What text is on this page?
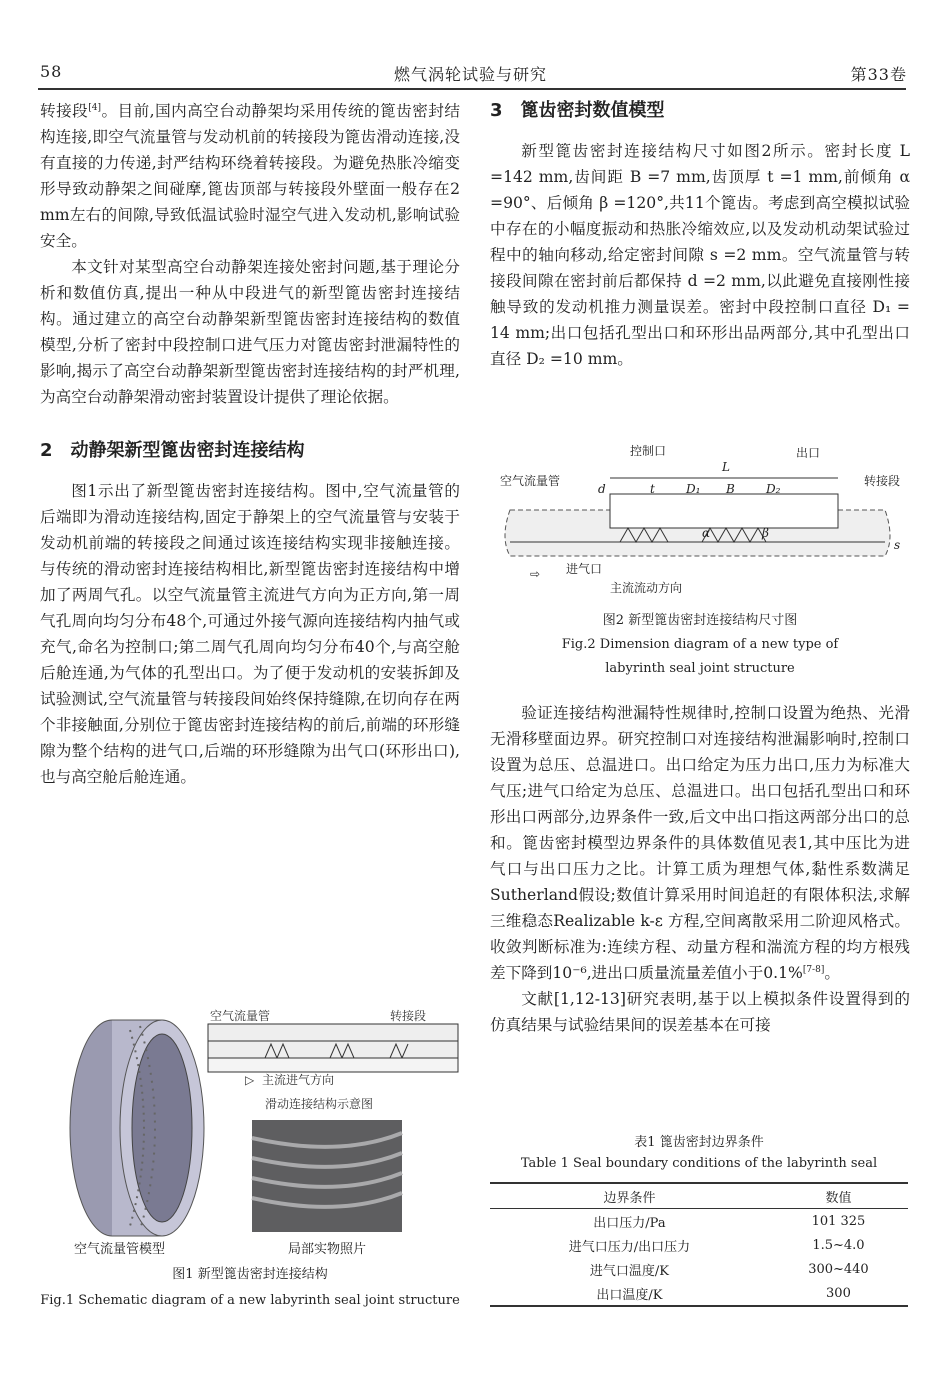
58	燃气涡轮试验与研究	第33卷

转接段[4]。目前,国内高空台动静架均采用传统的篦齿密封结构连接,即空气流量管与发动机前的转接段为篦齿滑动连接,没有直接的力传递,封严结构环绕着转接段。为避免热胀冷缩变形导致动静架之间碰摩,篦齿顶部与转接段外壁面一般存在2 mm左右的间隙,导致低温试验时湿空气进入发动机,影响试验安全。

本文针对某型高空台动静架连接处密封问题,基于理论分析和数值仿真,提出一种从中段进气的新型篦齿密封连接结构。通过建立的高空台动静架新型篦齿密封连接结构的数值模型,分析了密封中段控制口进气压力对篦齿密封泄漏特性的影响,揭示了高空台动静架新型篦齿密封连接结构的封严机理,为高空台动静架滑动密封装置设计提供了理论依据。

2　动静架新型篦齿密封连接结构

图1示出了新型篦齿密封连接结构。图中,空气流量管的后端即为滑动连接结构,固定于静架上的空气流量管与安装于发动机前端的转接段之间通过该连接结构实现非接触连接。与传统的滑动密封连接结构相比,新型篦齿密封连接结构中增加了两周气孔。以空气流量管主流进气方向为正方向,第一周气孔周向均匀分布48个,可通过外接气源向连接结构内抽气或充气,命名为控制口;第二周气孔周向均匀分布40个,与高空舱后舱连通,为气体的孔型出口。为了便于发动机的安装拆卸及试验测试,空气流量管与转接段间始终保持缝隙,在切向存在两个非接触面,分别位于篦齿密封连接结构的前后,前端的环形缝隙为整个结构的进气口,后端的环形缝隙为出气口(环形出口),也与高空舱后舱连通。

▷
空气流量管	转接段
主流进气方向
滑动连接结构示意图
空气流量管模型	局部实物照片
图1 新型篦齿密封连接结构
Fig.1 Schematic diagram of a new labyrinth seal joint structure
3　篦齿密封数值模型

新型篦齿密封连接结构尺寸如图2所示。密封长度 L =142 mm,齿间距 B =7 mm,齿顶厚 t =1 mm,前倾角 α =90°、后倾角 β =120°,共11个篦齿。考虑到高空模拟试验中存在的小幅度振动和热胀冷缩效应,以及发动机动架试验过程中的轴向移动,给定密封间隙 s =2 mm。空气流量管与转接段间隙在密封前后都保持 d =2 mm,以此避免直接刚性接触导致的发动机推力测量误差。密封中段控制口直径 D₁ = 14 mm;出口包括孔型出口和环形出品两部分,其中孔型出口直径 D₂ =10 mm。

⇨
控制口	出口
空气流量管	转接段
进气口
主流流动方向
L
d	t	D₁ B	D₂
α	β
s
图2 新型篦齿密封连接结构尺寸图
Fig.2 Dimension diagram of a new type of
labyrinth seal joint structure

验证连接结构泄漏特性规律时,控制口设置为绝热、光滑无滑移壁面边界。研究控制口对连接结构泄漏影响时,控制口设置为总压、总温进口。出口给定为压力出口,压力为标准大气压;进气口给定为总压、总温进口。出口包括孔型出口和环形出口两部分,边界条件一致,后文中出口指这两部分出口的总和。篦齿密封模型边界条件的具体数值见表1,其中压比为进气口与出口压力之比。计算工质为理想气体,黏性系数满足Sutherland假设;数值计算采用时间追赶的有限体积法,求解三维稳态Realizable k-ε 方程,空间离散采用二阶迎风格式。收敛判断标准为:连续方程、动量方程和湍流方程的均方根残差下降到10⁻⁶,进出口质量流量差值小于0.1%[7-8]。

文献[1,12-13]研究表明,基于以上模拟条件设置得到的仿真结果与试验结果间的误差基本在可接

表1 篦齿密封边界条件
Table 1 Seal boundary conditions of the labyrinth seal
边界条件	数值
出口压力/Pa	101 325
进气口压力/出口压力	1.5~4.0
进气口温度/K	300~440
出口温度/K	300
